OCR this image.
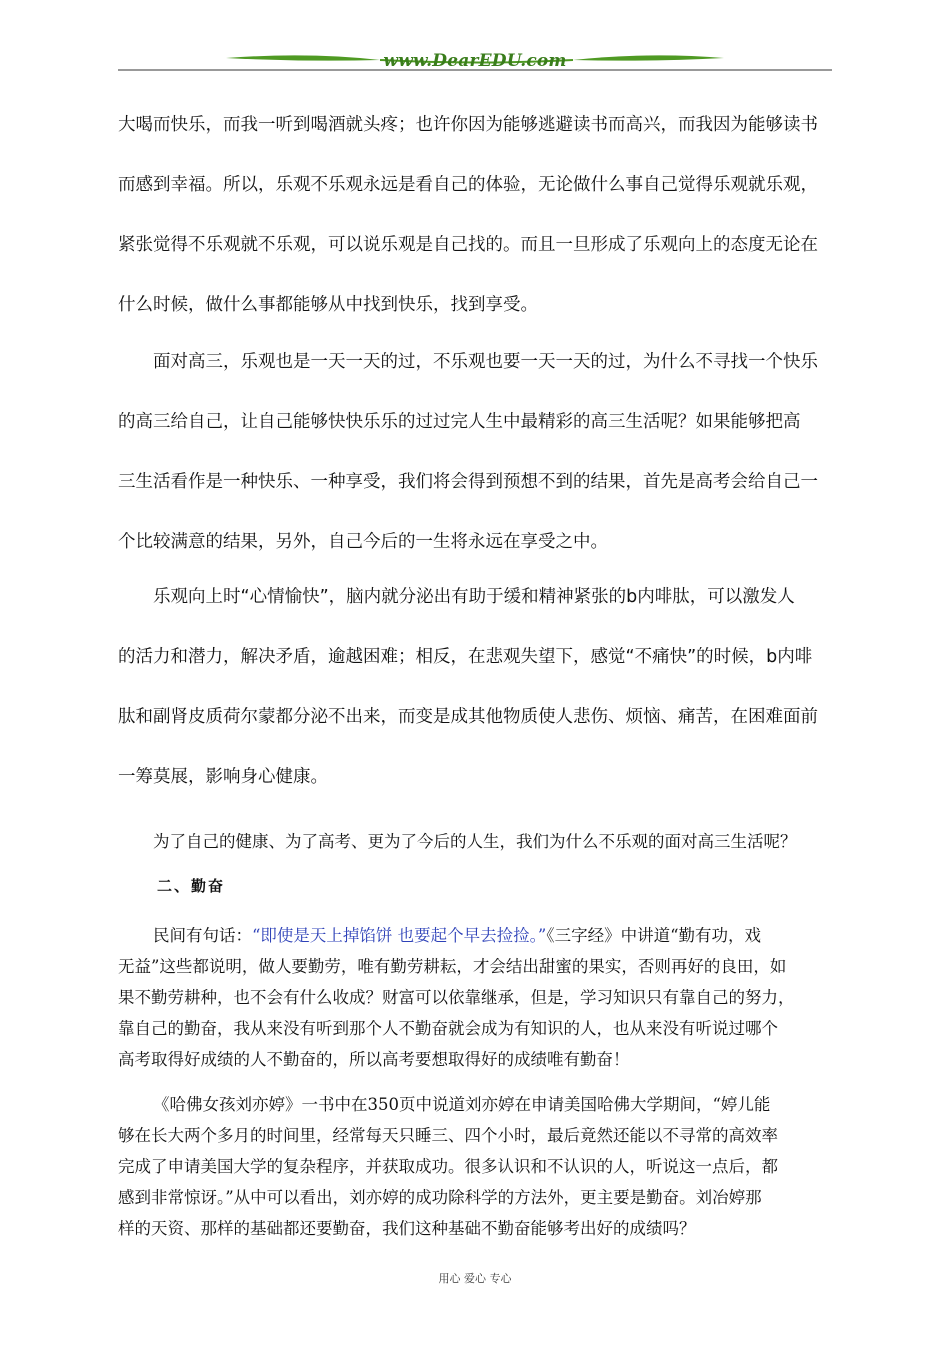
www.DearEDU.com
大喝而快乐，而我一听到喝酒就头疼；也许你因为能够逃避读书而高兴，而我因为能够读书
而感到幸福。所以，乐观不乐观永远是看自己的体验，无论做什么事自己觉得乐观就乐观，
紧张觉得不乐观就不乐观，可以说乐观是自己找的。而且一旦形成了乐观向上的态度无论在
什么时候，做什么事都能够从中找到快乐，找到享受。
面对高三，乐观也是一天一天的过，不乐观也要一天一天的过，为什么不寻找一个快乐
的高三给自己，让自己能够快快乐乐的过过完人生中最精彩的高三生活呢？如果能够把高
三生活看作是一种快乐、一种享受，我们将会得到预想不到的结果，首先是高考会给自己一
个比较满意的结果，另外，自己今后的一生将永远在享受之中。
乐观向上时“心情愉快”，脑内就分泌出有助于缓和精神紧张的b内啡肽，可以激发人
的活力和潜力，解决矛盾，逾越困难；相反，在悲观失望下，感觉“不痛快”的时候，b内啡
肽和副肾皮质荷尔蒙都分泌不出来，而变是成其他物质使人悲伤、烦恼、痛苦，在困难面前
一筹莫展，影响身心健康。
为了自己的健康、为了高考、更为了今后的人生，我们为什么不乐观的面对高三生活呢？
二、勤奋
民间有句话：“即使是天上掉馅饼 也要起个早去捡捡。”《三字经》中讲道“勤有功，戏
无益”这些都说明，做人要勤劳，唯有勤劳耕耘，才会结出甜蜜的果实，否则再好的良田，如
果不勤劳耕种，也不会有什么收成？财富可以依靠继承，但是，学习知识只有靠自己的努力，
靠自己的勤奋，我从来没有听到那个人不勤奋就会成为有知识的人，也从来没有听说过哪个
高考取得好成绩的人不勤奋的，所以高考要想取得好的成绩唯有勤奋！
《哈佛女孩刘亦婷》一书中在350页中说道刘亦婷在申请美国哈佛大学期间，“婷儿能
够在长大两个多月的时间里，经常每天只睡三、四个小时，最后竟然还能以不寻常的高效率
完成了申请美国大学的复杂程序，并获取成功。很多认识和不认识的人，听说这一点后，都
感到非常惊讶。”从中可以看出，刘亦婷的成功除科学的方法外，更主要是勤奋。刘冶婷那
样的天资、那样的基础都还要勤奋，我们这种基础不勤奋能够考出好的成绩吗？
用心 爱心 专心
